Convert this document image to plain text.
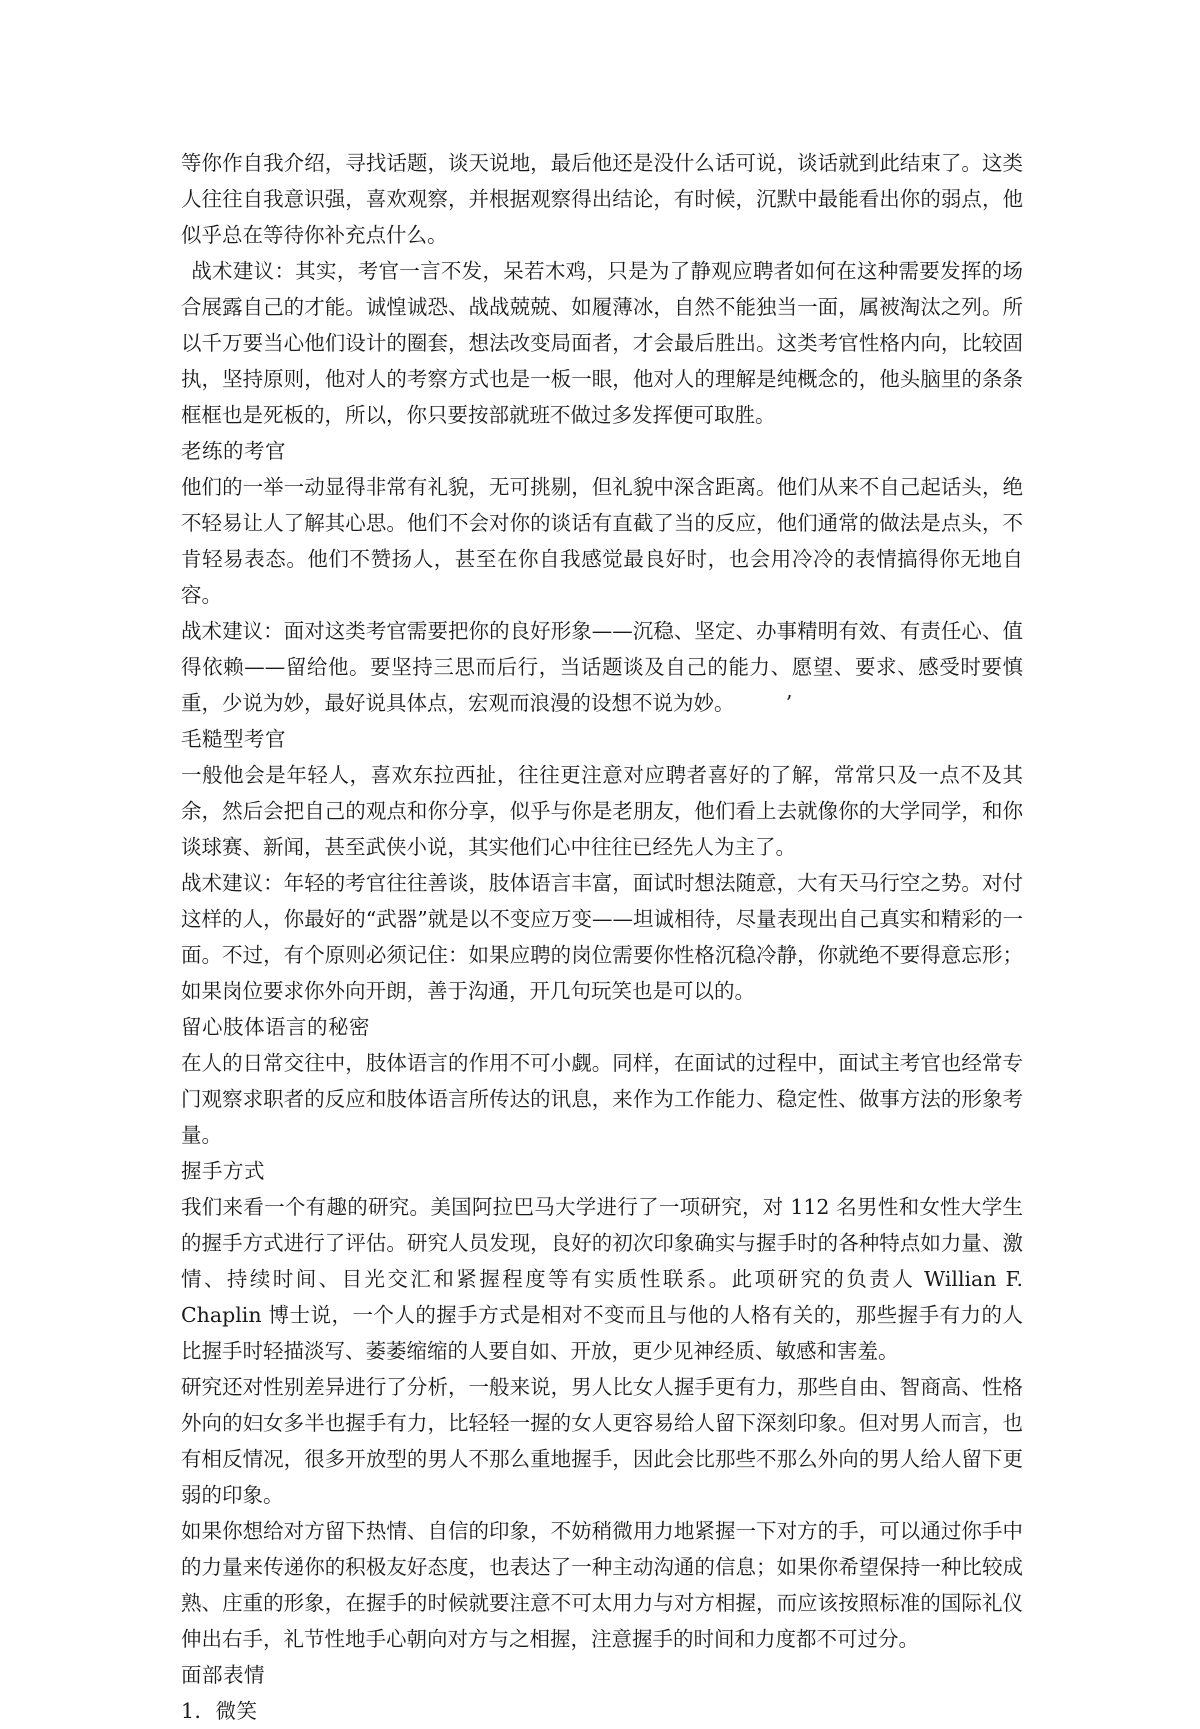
等你作自我介绍，寻找话题，谈天说地，最后他还是没什么话可说，谈话就到此结束了。这类人往往自我意识强，喜欢观察，并根据观察得出结论，有时候，沉默中最能看出你的弱点，他似乎总在等待你补充点什么。

战术建议：其实，考官一言不发，呆若木鸡，只是为了静观应聘者如何在这种需要发挥的场合展露自己的才能。诚惶诚恐、战战兢兢、如履薄冰，自然不能独当一面，属被淘汰之列。所以千万要当心他们设计的圈套，想法改变局面者，才会最后胜出。这类考官性格内向，比较固执，坚持原则，他对人的考察方式也是一板一眼，他对人的理解是纯概念的，他头脑里的条条框框也是死板的，所以，你只要按部就班不做过多发挥便可取胜。

老练的考官

他们的一举一动显得非常有礼貌，无可挑剔，但礼貌中深含距离。他们从来不自己起话头，绝不轻易让人了解其心思。他们不会对你的谈话有直截了当的反应，他们通常的做法是点头，不肯轻易表态。他们不赞扬人，甚至在你自我感觉最良好时，也会用冷冷的表情搞得你无地自容。

战术建议：面对这类考官需要把你的良好形象——沉稳、坚定、办事精明有效、有责任心、值得依赖——留给他。要坚持三思而后行，当话题谈及自己的能力、愿望、要求、感受时要慎重，少说为妙，最好说具体点，宏观而浪漫的设想不说为妙。　　　’

毛糙型考官

一般他会是年轻人，喜欢东拉西扯，往往更注意对应聘者喜好的了解，常常只及一点不及其余，然后会把自己的观点和你分享，似乎与你是老朋友，他们看上去就像你的大学同学，和你谈球赛、新闻，甚至武侠小说，其实他们心中往往已经先人为主了。

战术建议：年轻的考官往往善谈，肢体语言丰富，面试时想法随意，大有天马行空之势。对付这样的人，你最好的“武器”就是以不变应万变——坦诚相待，尽量表现出自己真实和精彩的一面。不过，有个原则必须记住：如果应聘的岗位需要你性格沉稳冷静，你就绝不要得意忘形；如果岗位要求你外向开朗，善于沟通，开几句玩笑也是可以的。

留心肢体语言的秘密

在人的日常交往中，肢体语言的作用不可小觑。同样，在面试的过程中，面试主考官也经常专门观察求职者的反应和肢体语言所传达的讯息，来作为工作能力、稳定性、做事方法的形象考量。

握手方式

我们来看一个有趣的研究。美国阿拉巴马大学进行了一项研究，对 112 名男性和女性大学生的握手方式进行了评估。研究人员发现，良好的初次印象确实与握手时的各种特点如力量、激情、持续时间、目光交汇和紧握程度等有实质性联系。此项研究的负责人 Willian F. Chaplin 博士说，一个人的握手方式是相对不变而且与他的人格有关的，那些握手有力的人比握手时轻描淡写、萎萎缩缩的人要自如、开放，更少见神经质、敏感和害羞。

研究还对性别差异进行了分析，一般来说，男人比女人握手更有力，那些自由、智商高、性格外向的妇女多半也握手有力，比轻轻一握的女人更容易给人留下深刻印象。但对男人而言，也有相反情况，很多开放型的男人不那么重地握手，因此会比那些不那么外向的男人给人留下更弱的印象。

如果你想给对方留下热情、自信的印象，不妨稍微用力地紧握一下对方的手，可以通过你手中的力量来传递你的积极友好态度，也表达了一种主动沟通的信息；如果你希望保持一种比较成熟、庄重的形象，在握手的时候就要注意不可太用力与对方相握，而应该按照标准的国际礼仪伸出右手，礼节性地手心朝向对方与之相握，注意握手的时间和力度都不可过分。

面部表情

1．微笑
